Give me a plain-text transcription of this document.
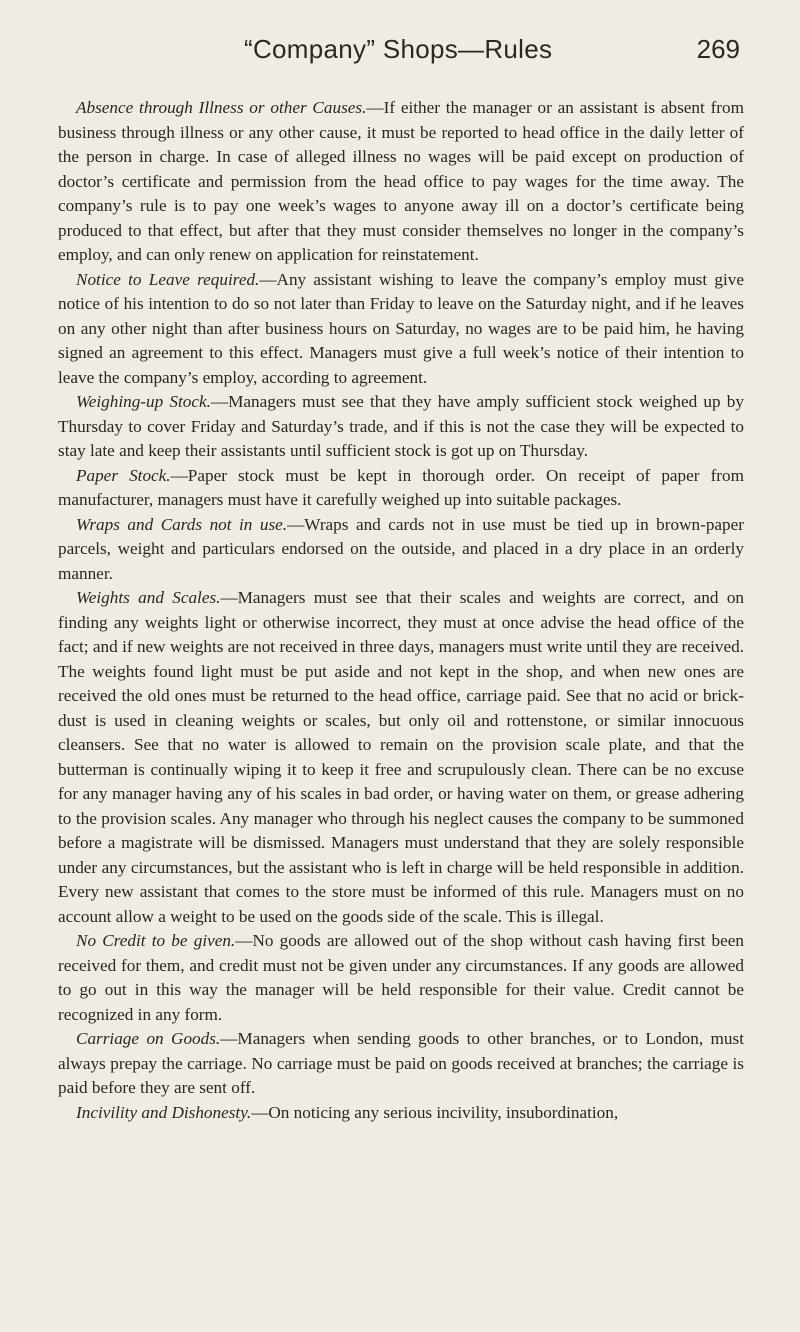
“Company” Shops—Rules	269

Absence through Illness or other Causes.—If either the manager or an assistant is absent from business through illness or any other cause, it must be reported to head office in the daily letter of the person in charge. In case of alleged illness no wages will be paid except on production of doctor’s certificate and permission from the head office to pay wages for the time away. The company’s rule is to pay one week’s wages to anyone away ill on a doctor’s certificate being produced to that effect, but after that they must consider themselves no longer in the company’s employ, and can only renew on application for reinstatement.

Notice to Leave required.—Any assistant wishing to leave the company’s employ must give notice of his intention to do so not later than Friday to leave on the Saturday night, and if he leaves on any other night than after business hours on Saturday, no wages are to be paid him, he having signed an agreement to this effect. Managers must give a full week’s notice of their intention to leave the company’s employ, according to agreement.

Weighing-up Stock.—Managers must see that they have amply sufficient stock weighed up by Thursday to cover Friday and Saturday’s trade, and if this is not the case they will be expected to stay late and keep their assistants until sufficient stock is got up on Thursday.

Paper Stock.—Paper stock must be kept in thorough order. On receipt of paper from manufacturer, managers must have it carefully weighed up into suitable packages.

Wraps and Cards not in use.—Wraps and cards not in use must be tied up in brown-paper parcels, weight and particulars endorsed on the outside, and placed in a dry place in an orderly manner.

Weights and Scales.—Managers must see that their scales and weights are correct, and on finding any weights light or otherwise incorrect, they must at once advise the head office of the fact; and if new weights are not received in three days, managers must write until they are received. The weights found light must be put aside and not kept in the shop, and when new ones are received the old ones must be returned to the head office, carriage paid. See that no acid or brick-dust is used in cleaning weights or scales, but only oil and rottenstone, or similar innocuous cleansers. See that no water is allowed to remain on the provision scale plate, and that the butterman is continually wiping it to keep it free and scrupulously clean. There can be no excuse for any manager having any of his scales in bad order, or having water on them, or grease adhering to the provision scales. Any manager who through his neglect causes the company to be summoned before a magistrate will be dismissed. Managers must understand that they are solely responsible under any circumstances, but the assistant who is left in charge will be held responsible in addition. Every new assistant that comes to the store must be informed of this rule. Managers must on no account allow a weight to be used on the goods side of the scale. This is illegal.

No Credit to be given.—No goods are allowed out of the shop without cash having first been received for them, and credit must not be given under any circumstances. If any goods are allowed to go out in this way the manager will be held responsible for their value. Credit cannot be recognized in any form.

Carriage on Goods.—Managers when sending goods to other branches, or to London, must always prepay the carriage. No carriage must be paid on goods received at branches; the carriage is paid before they are sent off.

Incivility and Dishonesty.—On noticing any serious incivility, insubordination,
